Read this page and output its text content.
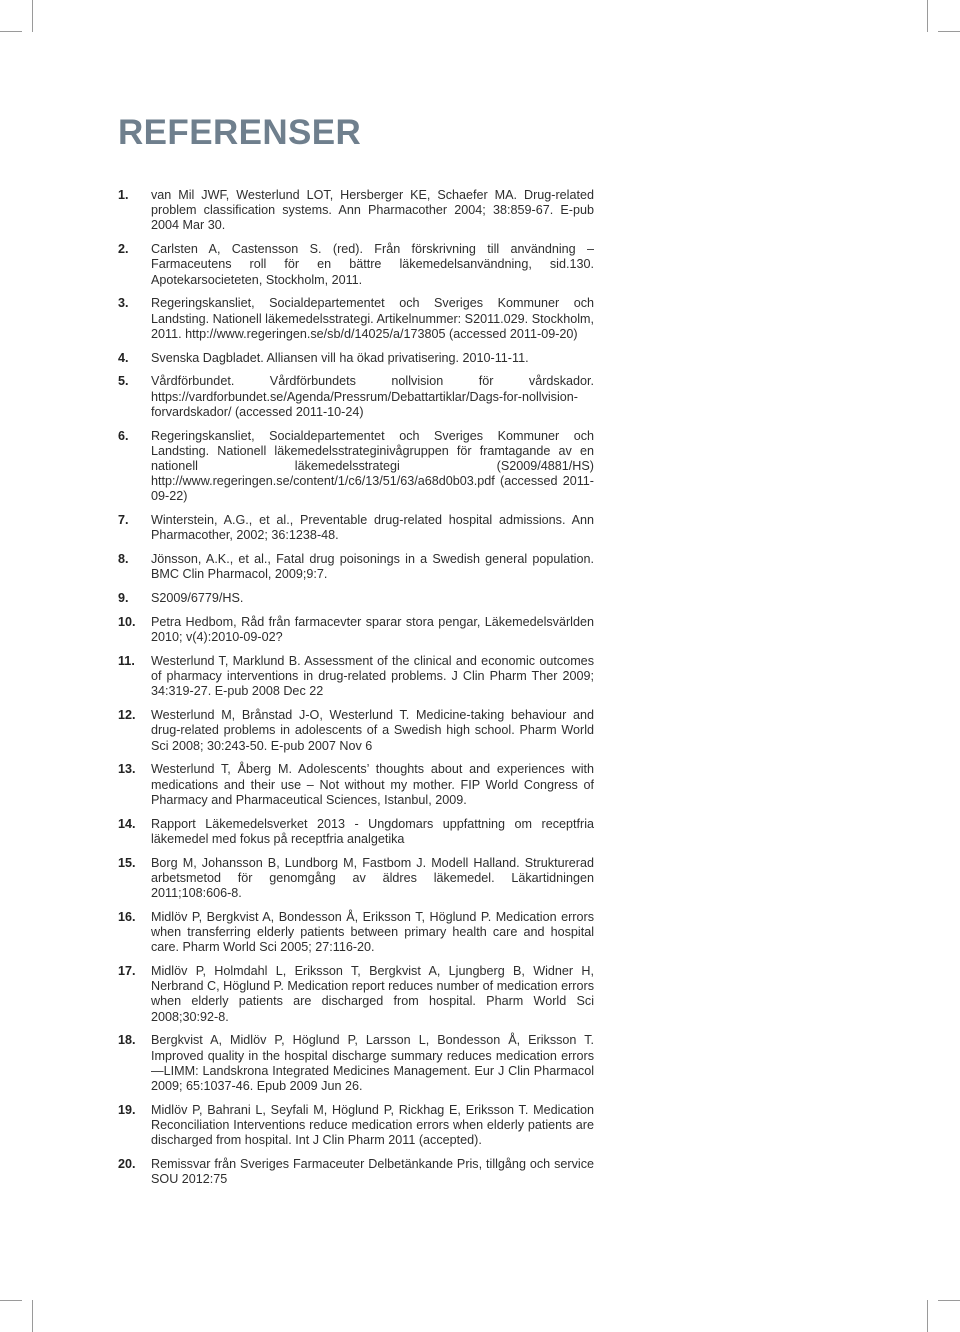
REFERENSER
1.	van Mil JWF, Westerlund LOT, Hersberger KE, Schaefer MA. Drug-related problem classification systems. Ann Pharmacother 2004; 38:859-67. E-pub 2004 Mar 30.
2.	Carlsten A, Castensson S. (red). Från förskrivning till användning – Farmaceutens roll för en bättre läkemedelsanvändning, sid.130. Apotekarsocieteten, Stockholm, 2011.
3.	Regeringskansliet, Socialdepartementet och Sveriges Kommuner och Landsting. Nationell läkemedelsstrategi. Artikelnummer: S2011.029. Stockholm, 2011. http://www.regeringen.se/sb/d/14025/a/173805 (accessed 2011-09-20)
4.	Svenska Dagbladet. Alliansen vill ha ökad privatisering. 2010-11-11.
5.	Vårdförbundet. Vårdförbundets nollvision för vårdskador. https://vardforbundet.se/Agenda/Pressrum/Debattartiklar/Dags-for-nollvision-forvardskador/ (accessed 2011-10-24)
6.	Regeringskansliet, Socialdepartementet och Sveriges Kommuner och Landsting. Nationell läkemedelsstrateginivågruppen för framtagande av en nationell läkemedelsstrategi (S2009/4881/HS) http://www.regeringen.se/content/1/c6/13/51/63/a68d0b03.pdf (accessed 2011-09-22)
7.	Winterstein, A.G., et al., Preventable drug-related hospital admissions. Ann Pharmacother, 2002; 36:1238-48.
8.	Jönsson, A.K., et al., Fatal drug poisonings in a Swedish general population. BMC Clin Pharmacol, 2009;9:7.
9.	S2009/6779/HS.
10.	Petra Hedbom, Råd från farmacevter sparar stora pengar, Läkemedelsvärlden 2010; v(4):2010-09-02?
11.	Westerlund T, Marklund B. Assessment of the clinical and economic outcomes of pharmacy interventions in drug-related problems. J Clin Pharm Ther 2009; 34:319-27. E-pub 2008 Dec 22
12.	Westerlund M, Brånstad J-O, Westerlund T. Medicine-taking behaviour and drug-related problems in adolescents of a Swedish high school. Pharm World Sci 2008; 30:243-50. E-pub 2007 Nov 6
13.	Westerlund T, Åberg M. Adolescents’ thoughts about and experiences with medications and their use – Not without my mother. FIP World Congress of Pharmacy and Pharmaceutical Sciences, Istanbul, 2009.
14.	Rapport Läkemedelsverket 2013 - Ungdomars uppfattning om receptfria läkemedel med fokus på receptfria analgetika
15.	Borg M, Johansson B, Lundborg M, Fastbom J. Modell Halland. Strukturerad arbetsmetod för genomgång av äldres läkemedel. Läkartidningen 2011;108:606-8.
16.	Midlöv P, Bergkvist A, Bondesson Å, Eriksson T, Höglund P. Medication errors when transferring elderly patients between primary health care and hospital care. Pharm World Sci 2005; 27:116-20.
17.	Midlöv P, Holmdahl L, Eriksson T, Bergkvist A, Ljungberg B, Widner H, Nerbrand C, Höglund P. Medication report reduces number of medication errors when elderly patients are discharged from hospital. Pharm World Sci 2008;30:92-8.
18.	Bergkvist A, Midlöv P, Höglund P, Larsson L, Bondesson Å, Eriksson T. Improved quality in the hospital discharge summary reduces medication errors—LIMM: Landskrona Integrated Medicines Management. Eur J Clin Pharmacol 2009; 65:1037-46. Epub 2009 Jun 26.
19.	Midlöv P, Bahrani L, Seyfali M, Höglund P, Rickhag E, Eriksson T. Medication Reconciliation Interventions reduce medication errors when elderly patients are discharged from hospital. Int J Clin Pharm 2011 (accepted).
20.	Remissvar från Sveriges Farmaceuter Delbetänkande Pris, tillgång och service SOU 2012:75
